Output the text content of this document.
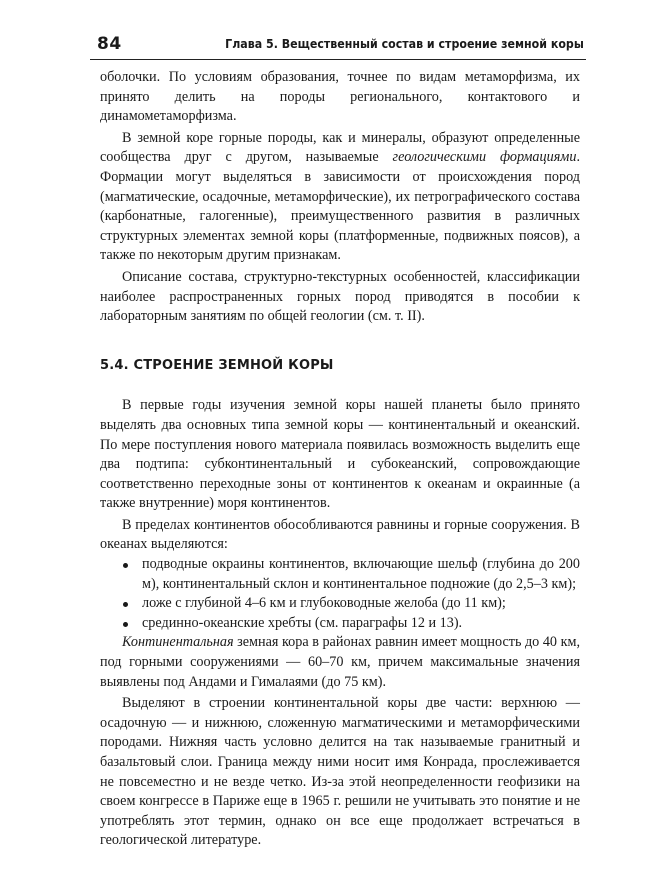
84	Глава 5. Вещественный состав и строение земной коры

оболочки. По условиям образования, точнее по видам метаморфизма, их принято делить на породы регионального, контактового и динамометаморфизма.

В земной коре горные породы, как и минералы, образуют определенные сообщества друг с другом, называемые геологическими формациями. Формации могут выделяться в зависимости от происхождения пород (магматические, осадочные, метаморфические), их петрографического состава (карбонатные, галогенные), преимущественного развития в различных структурных элементах земной коры (платформенные, подвижных поясов), а также по некоторым другим признакам.

Описание состава, структурно-текстурных особенностей, классификации наиболее распространенных горных пород приводятся в пособии к лабораторным занятиям по общей геологии (см. т. II).

5.4. СТРОЕНИЕ ЗЕМНОЙ КОРЫ

В первые годы изучения земной коры нашей планеты было принято выделять два основных типа земной коры — континентальный и океанский. По мере поступления нового материала появилась возможность выделить еще два подтипа: субконтинентальный и субокеанский, сопровождающие соответственно переходные зоны от континентов к океанам и окраинные (а также внутренние) моря континентов.

В пределах континентов обособливаются равнины и горные сооружения. В океанах выделяются:

подводные окраины континентов, включающие шельф (глубина до 200 м), континентальный склон и континентальное подножие (до 2,5–3 км);
ложе с глубиной 4–6 км и глубоководные желоба (до 11 км);
срединно-океанские хребты (см. параграфы 12 и 13).

Континентальная земная кора в районах равнин имеет мощность до 40 км, под горными сооружениями — 60–70 км, причем максимальные значения выявлены под Андами и Гималаями (до 75 км).

Выделяют в строении континентальной коры две части: верхнюю — осадочную — и нижнюю, сложенную магматическими и метаморфическими породами. Нижняя часть условно делится на так называемые гранитный и базальтовый слои. Граница между ними носит имя Конрада, прослеживается не повсеместно и не везде четко. Из-за этой неопределенности геофизики на своем конгрессе в Париже еще в 1965 г. решили не учитывать это понятие и не употреблять этот термин, однако он все еще продолжает встречаться в геологической литературе.
